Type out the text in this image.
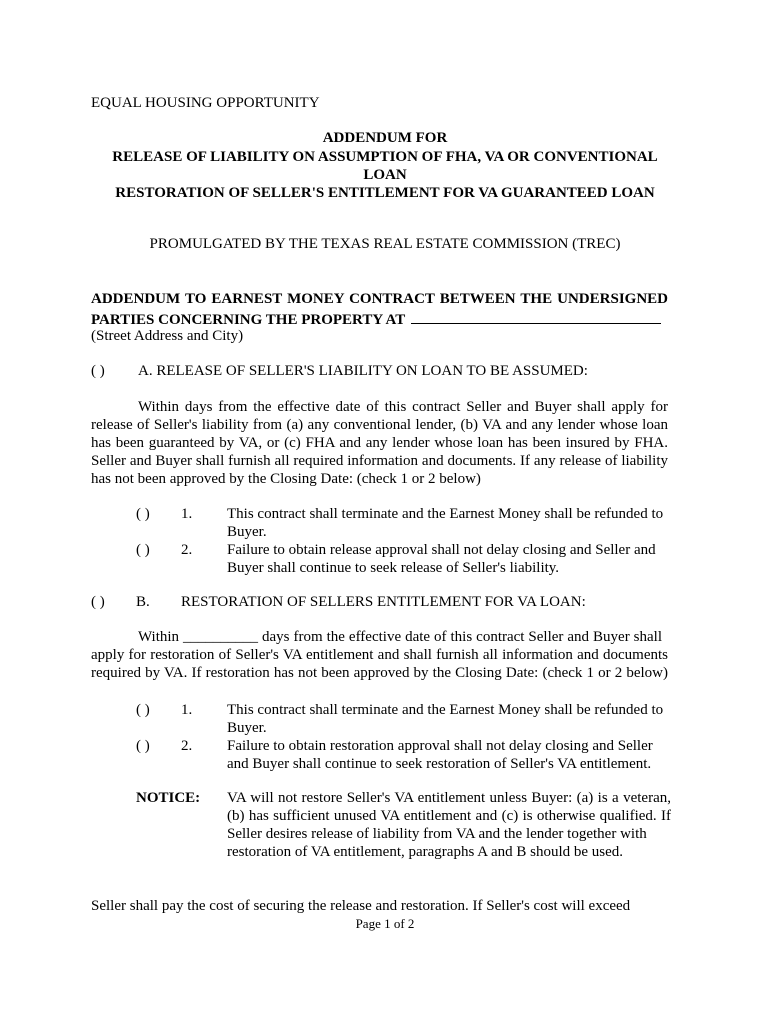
EQUAL HOUSING OPPORTUNITY
ADDENDUM FOR
RELEASE OF LIABILITY ON ASSUMPTION OF FHA, VA OR CONVENTIONAL
LOAN
RESTORATION OF SELLER'S ENTITLEMENT FOR VA GUARANTEED LOAN
PROMULGATED BY THE TEXAS REAL ESTATE COMMISSION (TREC)
ADDENDUM TO EARNEST MONEY CONTRACT BETWEEN THE UNDERSIGNED
PARTIES CONCERNING THE PROPERTY AT
(Street Address and City)
( ) A. RELEASE OF SELLER'S LIABILITY ON LOAN TO BE ASSUMED:
Within days from the effective date of this contract Seller and Buyer shall apply for
release of Seller's liability from (a) any conventional lender, (b) VA and any lender whose loan
has been guaranteed by VA, or (c) FHA and any lender whose loan has been insured by FHA.
Seller and Buyer shall furnish all required information and documents. If any release of liability
has not been approved by the Closing Date: (check 1 or 2 below)
( ) 1. This contract shall terminate and the Earnest Money shall be refunded to
Buyer.
( ) 2. Failure to obtain release approval shall not delay closing and Seller and
Buyer shall continue to seek release of Seller's liability.
( ) B. RESTORATION OF SELLERS ENTITLEMENT FOR VA LOAN:
Within __________ days from the effective date of this contract Seller and Buyer shall
apply for restoration of Seller's VA entitlement and shall furnish all information and documents
required by VA. If restoration has not been approved by the Closing Date: (check 1 or 2 below)
( ) 1. This contract shall terminate and the Earnest Money shall be refunded to
Buyer.
( ) 2. Failure to obtain restoration approval shall not delay closing and Seller
and Buyer shall continue to seek restoration of Seller's VA entitlement.
NOTICE: VA will not restore Seller's VA entitlement unless Buyer: (a) is a veteran,
(b) has sufficient unused VA entitlement and (c) is otherwise qualified. If
Seller desires release of liability from VA and the lender together with
restoration of VA entitlement, paragraphs A and B should be used.
Seller shall pay the cost of securing the release and restoration. If Seller's cost will exceed
Page 1 of 2
